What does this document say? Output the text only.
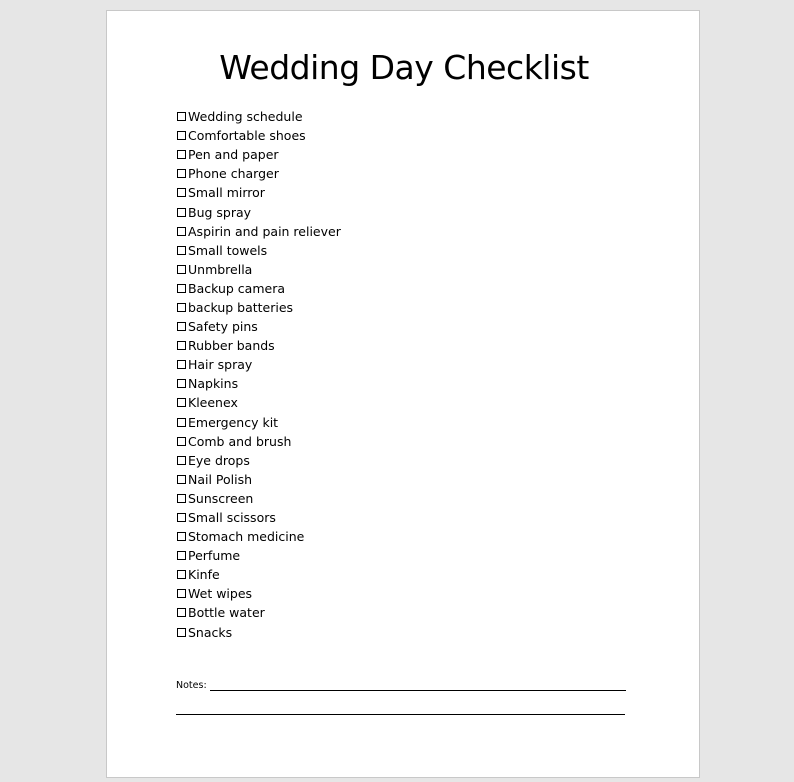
Wedding Day Checklist
Wedding schedule
Comfortable shoes
Pen and paper
Phone charger
Small mirror
Bug spray
Aspirin and pain reliever
Small towels
Unmbrella
Backup camera
backup batteries
Safety pins
Rubber bands
Hair spray
Napkins
Kleenex
Emergency kit
Comb and brush
Eye drops
Nail Polish
Sunscreen
Small scissors
Stomach medicine
Perfume
Kinfe
Wet wipes
Bottle water
Snacks
Notes:
